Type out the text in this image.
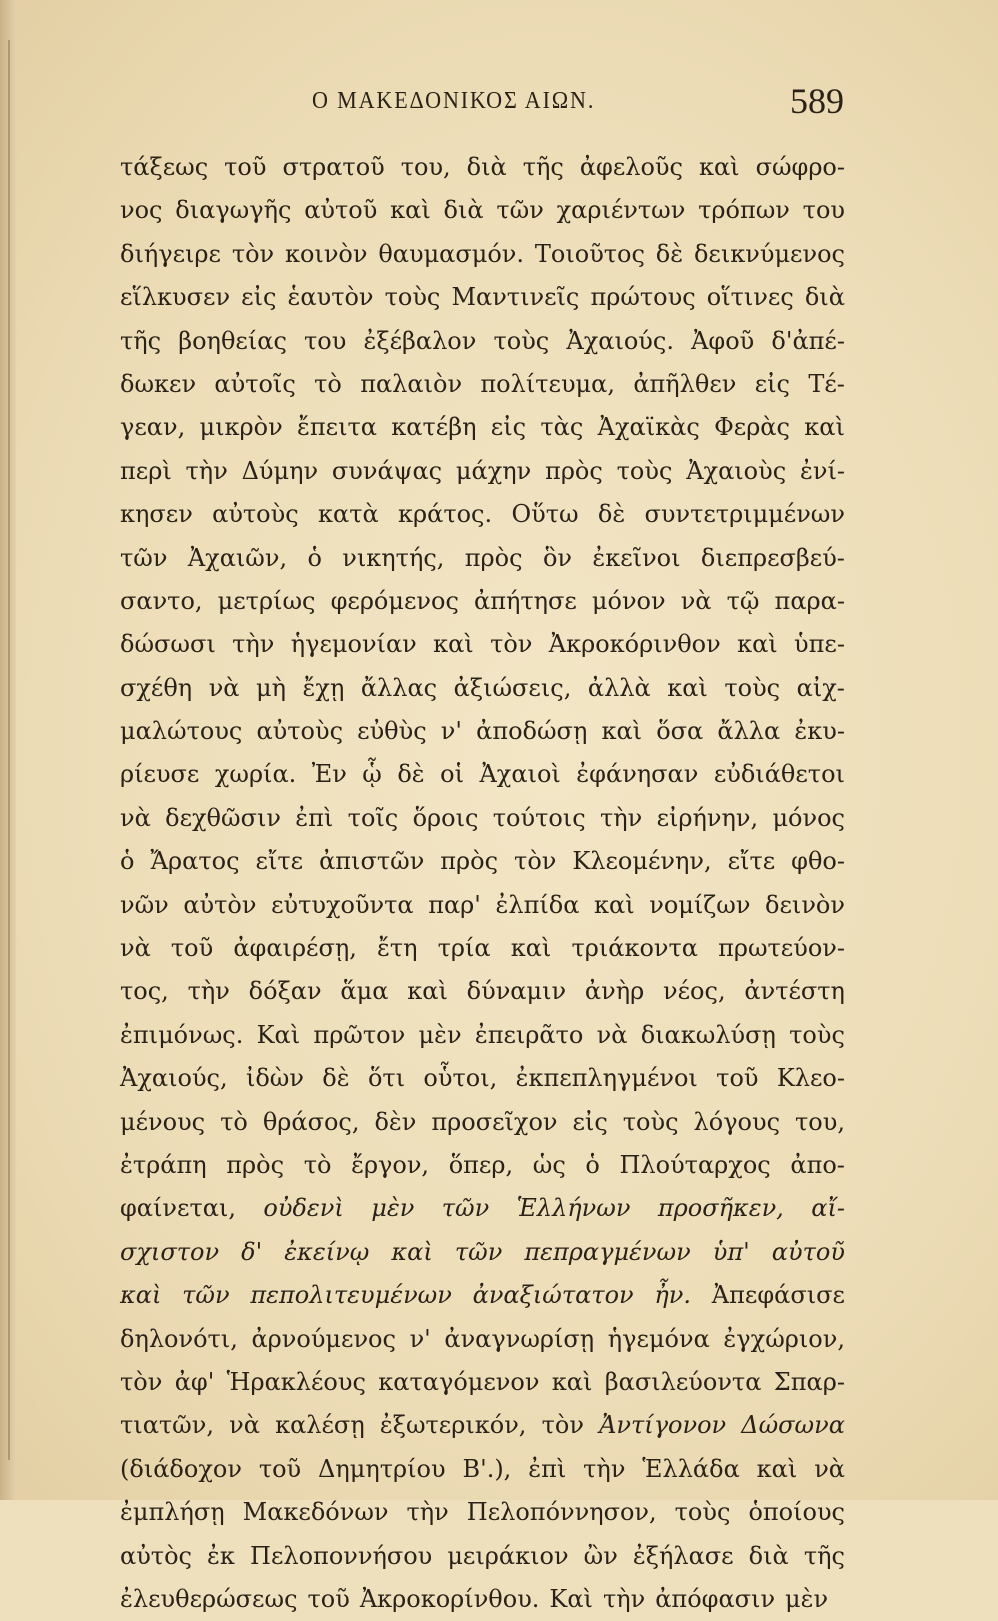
Ο ΜΑΚΕΔΟΝΙΚΟΣ ΑΙΩΝ.	589
τάξεως τοῦ στρατοῦ του, διὰ τῆς ἀφελοῦς καὶ σώφρο-
νος διαγωγῆς αὐτοῦ καὶ διὰ τῶν χαριέντων τρόπων του
διήγειρε τὸν κοινὸν θαυμασμόν. Τοιοῦτος δὲ δεικνύμενος
εἵλκυσεν εἰς ἑαυτὸν τοὺς Μαντινεῖς πρώτους οἵτινες διὰ
τῆς βοηθείας του ἐξέβαλον τοὺς Ἀχαιούς. Ἀφοῦ δ'ἀπέ-
δωκεν αὐτοῖς τὸ παλαιὸν πολίτευμα, ἀπῆλθεν εἰς Τέ-
γεαν, μικρὸν ἔπειτα κατέβη εἰς τὰς Ἀχαϊκὰς Φερὰς καὶ
περὶ τὴν Δύμην συνάψας μάχην πρὸς τοὺς Ἀχαιοὺς ἐνί-
κησεν αὐτοὺς κατὰ κράτος. Οὕτω δὲ συντετριμμένων
τῶν Ἀχαιῶν, ὁ νικητής, πρὸς ὃν ἐκεῖνοι διεπρεσβεύ-
σαντο, μετρίως φερόμενος ἀπήτησε μόνον νὰ τῷ παρα-
δώσωσι τὴν ἡγεμονίαν καὶ τὸν Ἀκροκόρινθον καὶ ὑπε-
σχέθη νὰ μὴ ἔχῃ ἄλλας ἀξιώσεις, ἀλλὰ καὶ τοὺς αἰχ-
μαλώτους αὐτοὺς εὐθὺς ν' ἀποδώσῃ καὶ ὅσα ἄλλα ἐκυ-
ρίευσε χωρία. Ἐν ᾧ δὲ οἱ Ἀχαιοὶ ἐφάνησαν εὐδιάθετοι
νὰ δεχθῶσιν ἐπὶ τοῖς ὅροις τούτοις τὴν εἰρήνην, μόνος
ὁ Ἄρατος εἴτε ἀπιστῶν πρὸς τὸν Κλεομένην, εἴτε φθο-
νῶν αὐτὸν εὐτυχοῦντα παρ' ἐλπίδα καὶ νομίζων δεινὸν
νὰ τοῦ ἀφαιρέσῃ, ἔτη τρία καὶ τριάκοντα πρωτεύον-
τος, τὴν δόξαν ἅμα καὶ δύναμιν ἀνὴρ νέος, ἀντέστη
ἐπιμόνως. Καὶ πρῶτον μὲν ἐπειρᾶτο νὰ διακωλύσῃ τοὺς
Ἀχαιούς, ἰδὼν δὲ ὅτι οὗτοι, ἐκπεπληγμένοι τοῦ Κλεο-
μένους τὸ θράσος, δὲν προσεῖχον εἰς τοὺς λόγους του,
ἐτράπη πρὸς τὸ ἔργον, ὅπερ, ὡς ὁ Πλούταρχος ἀπο-
φαίνεται, οὐδενὶ μὲν τῶν Ἑλλήνων προσῆκεν, αἴ-
σχιστον δ' ἐκείνῳ καὶ τῶν πεπραγμένων ὑπ' αὐτοῦ
καὶ τῶν πεπολιτευμένων ἀναξιώτατον ἦν. Ἀπεφάσισε
δηλονότι, ἀρνούμενος ν' ἀναγνωρίσῃ ἡγεμόνα ἐγχώριον,
τὸν ἀφ' Ἡρακλέους καταγόμενον καὶ βασιλεύοντα Σπαρ-
τιατῶν, νὰ καλέσῃ ἐξωτερικόν, τὸν Ἀντίγονον Δώσωνα
(διάδοχον τοῦ Δημητρίου Β'.), ἐπὶ τὴν Ἑλλάδα καὶ νὰ
ἐμπλήσῃ Μακεδόνων τὴν Πελοπόννησον, τοὺς ὁποίους
αὐτὸς ἐκ Πελοποννήσου μειράκιον ὢν ἐξήλασε διὰ τῆς
ἐλευθερώσεως τοῦ Ἀκροκορίνθου. Καὶ τὴν ἀπόφασιν μὲν
